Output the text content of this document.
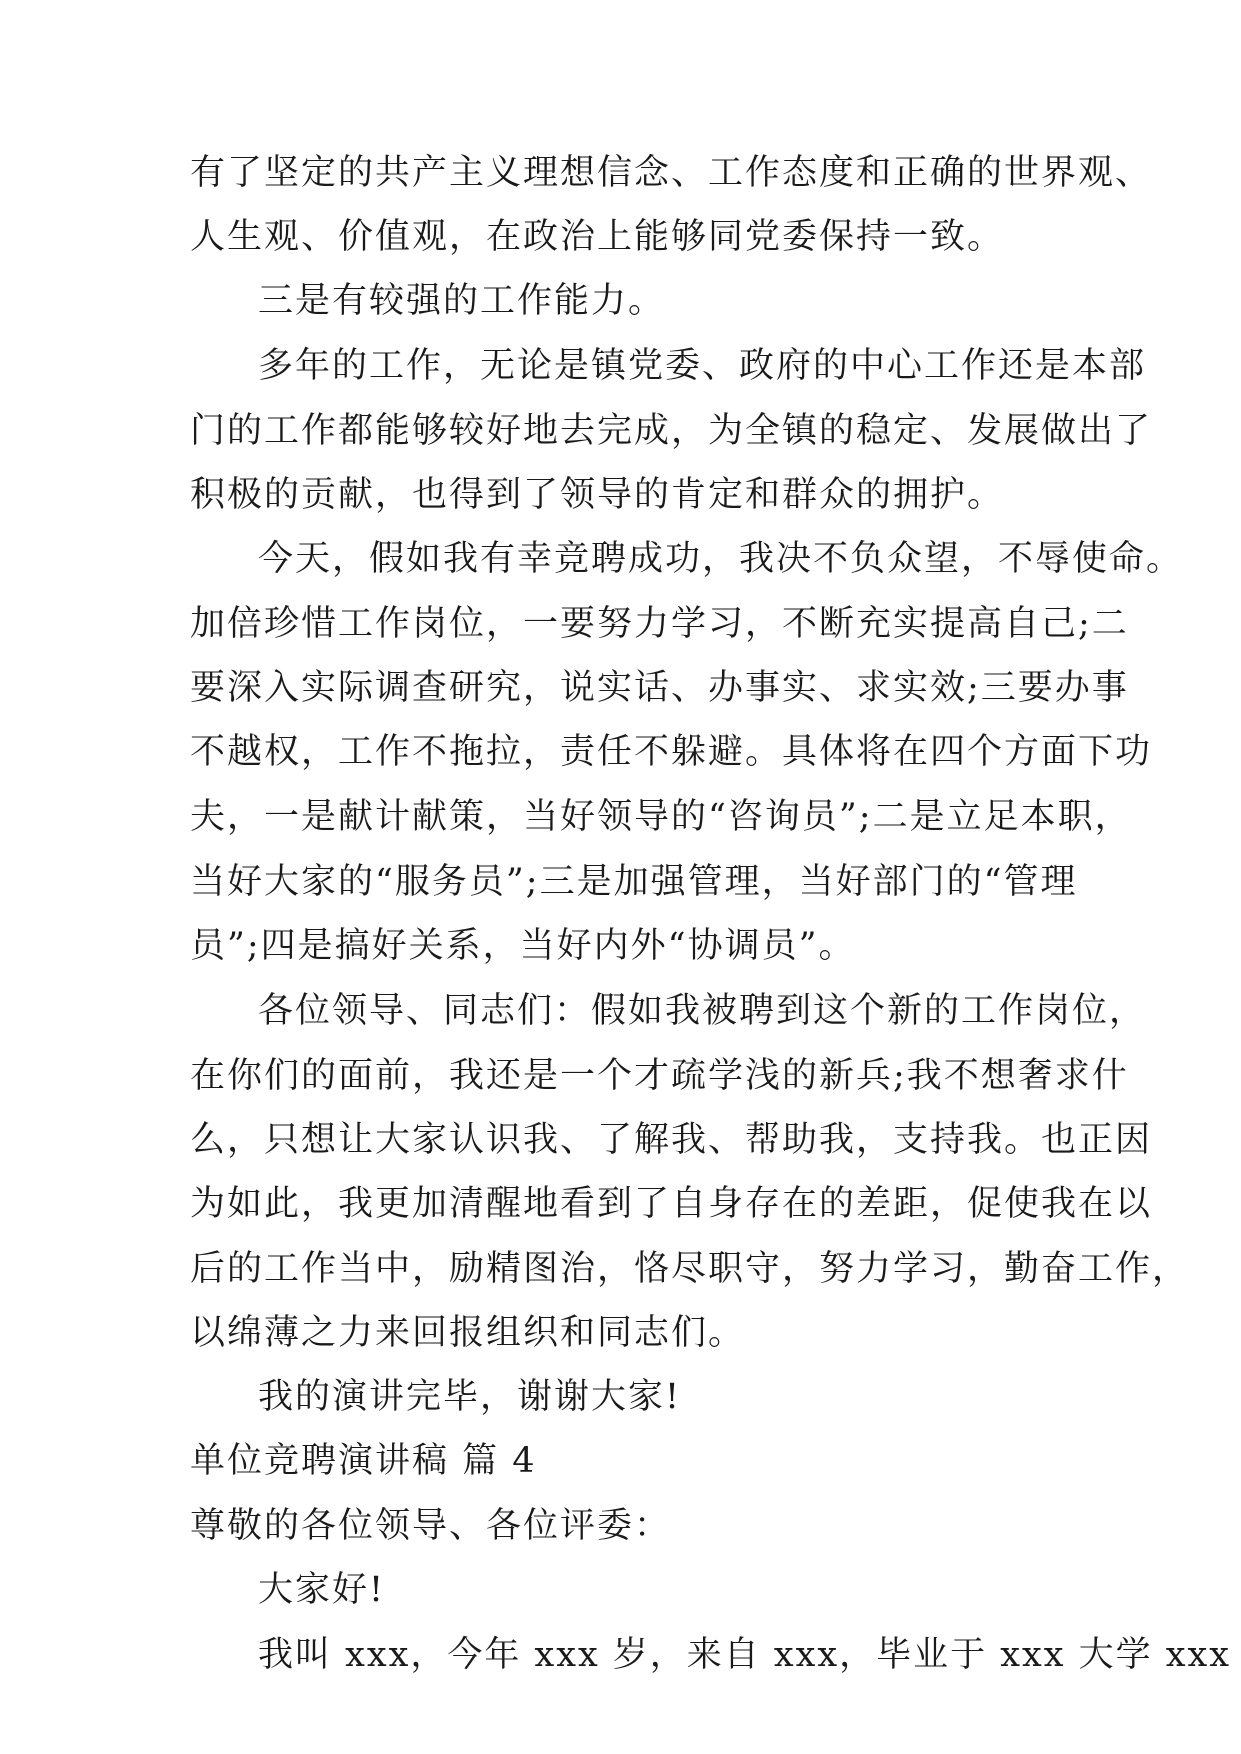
有了坚定的共产主义理想信念、工作态度和正确的世界观、

人生观、价值观，在政治上能够同党委保持一致。

三是有较强的工作能力。

多年的工作，无论是镇党委、政府的中心工作还是本部

门的工作都能够较好地去完成，为全镇的稳定、发展做出了

积极的贡献，也得到了领导的肯定和群众的拥护。

今天，假如我有幸竞聘成功，我决不负众望，不辱使命。

加倍珍惜工作岗位，一要努力学习，不断充实提高自己;二

要深入实际调查研究，说实话、办事实、求实效;三要办事

不越权，工作不拖拉，责任不躲避。具体将在四个方面下功

夫，一是献计献策，当好领导的“咨询员”;二是立足本职，

当好大家的“服务员”;三是加强管理，当好部门的“管理

员”;四是搞好关系，当好内外“协调员”。

各位领导、同志们：假如我被聘到这个新的工作岗位，

在你们的面前，我还是一个才疏学浅的新兵;我不想奢求什

么，只想让大家认识我、了解我、帮助我，支持我。也正因

为如此，我更加清醒地看到了自身存在的差距，促使我在以

后的工作当中，励精图治，恪尽职守，努力学习，勤奋工作，

以绵薄之力来回报组织和同志们。

我的演讲完毕，谢谢大家!

单位竞聘演讲稿 篇 4

尊敬的各位领导、各位评委：

大家好!

我叫 xxx，今年 xxx 岁，来自 xxx，毕业于 xxx 大学 xxx
